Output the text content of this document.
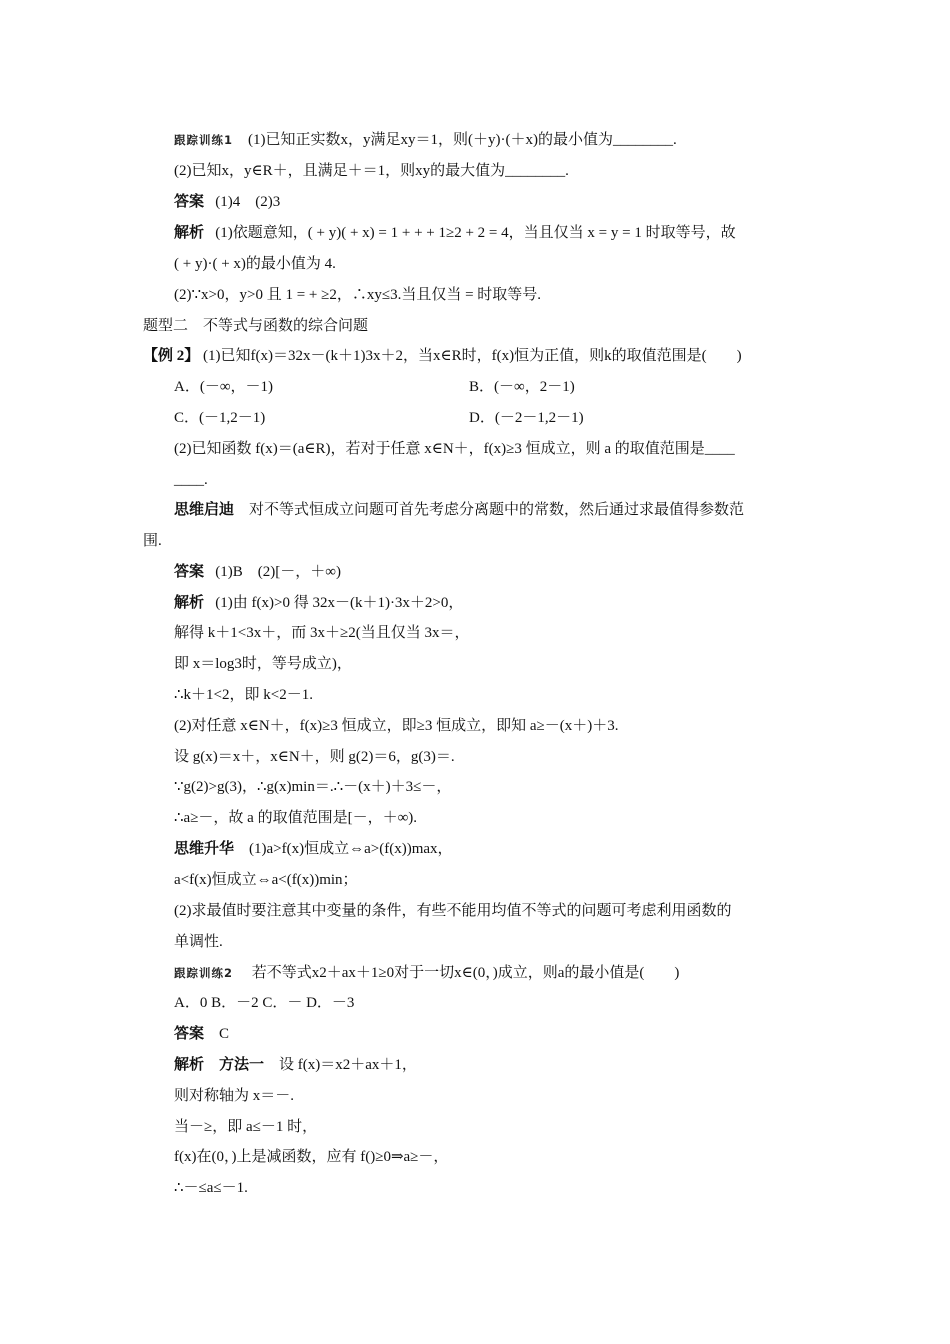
跟踪训练1 (1)已知正实数x，y满足xy＝1，则(＋y)·(＋x)的最小值为________.
(2)已知x，y∈R＋，且满足＋＝1，则xy的最大值为________.
答案 (1)4　(2)3
解析 (1)依题意知，( + y)( + x) = 1 + + + 1≥2 + 2 = 4，当且仅当 x = y = 1 时取等号，故
( + y)·( + x)的最小值为 4.
(2)∵x>0，y>0 且 1 = + ≥2，∴xy≤3.当且仅当 = 时取等号.
题型二　不等式与函数的综合问题
【例 2】 (1)已知f(x)＝32x－(k＋1)3x＋2，当x∈R时，f(x)恒为正值，则k的取值范围是(　　)
A．(－∞，－1)	B．(－∞，2－1)
C．(－1,2－1)	D．(－2－1,2－1)
(2)已知函数 f(x)＝(a∈R)，若对于任意 x∈N＋，f(x)≥3 恒成立，则 a 的取值范围是____
____.
思维启迪 对不等式恒成立问题可首先考虑分离题中的常数，然后通过求最值得参数范
围.
答案 (1)B　(2)[－，＋∞)
解析 (1)由 f(x)>0 得 32x－(k＋1)·3x＋2>0，
解得 k＋1<3x＋，而 3x＋≥2(当且仅当 3x＝，
即 x＝log3时，等号成立)，
∴k＋1<2，即 k<2－1.
(2)对任意 x∈N＋，f(x)≥3 恒成立，即≥3 恒成立，即知 a≥－(x＋)＋3.
设 g(x)＝x＋，x∈N＋，则 g(2)＝6，g(3)＝.
∵g(2)>g(3)，∴g(x)min＝.∴－(x＋)＋3≤－，
∴a≥－，故 a 的取值范围是[－，＋∞).
思维升华 (1)a>f(x)恒成立⇔a>(f(x))max，
a<f(x)恒成立⇔a<(f(x))min；
(2)求最值时要注意其中变量的条件，有些不能用均值不等式的问题可考虑利用函数的
单调性.
跟踪训练2 若不等式x2＋ax＋1≥0对于一切x∈(0，)成立，则a的最小值是(　　)
A．0 B．－2 C．－ D．－3
答案 C
解析 方法一 设 f(x)＝x2＋ax＋1，
则对称轴为 x＝－.
当－≥，即 a≤－1 时，
f(x)在(0，)上是减函数，应有 f()≥0⇒a≥－，
∴－≤a≤－1.
